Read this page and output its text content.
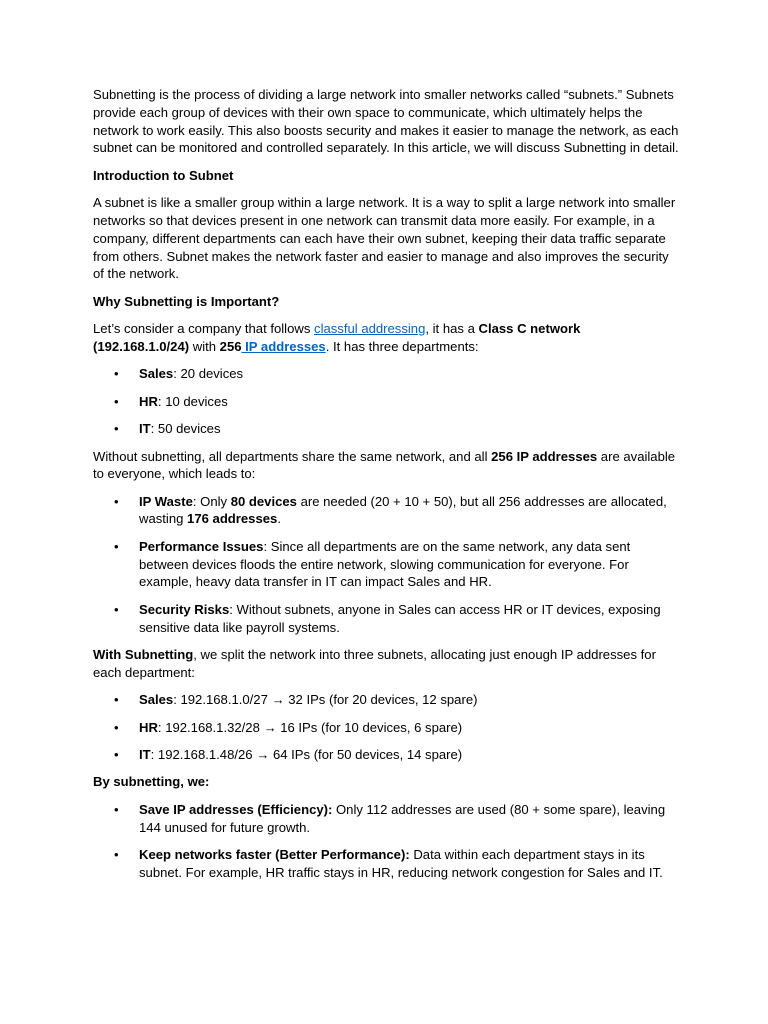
Subnetting is the process of dividing a large network into smaller networks called “subnets.” Subnets provide each group of devices with their own space to communicate, which ultimately helps the network to work easily. This also boosts security and makes it easier to manage the network, as each subnet can be monitored and controlled separately. In this article, we will discuss Subnetting in detail.

Introduction to Subnet

A subnet is like a smaller group within a large network. It is a way to split a large network into smaller networks so that devices present in one network can transmit data more easily. For example, in a company, different departments can each have their own subnet, keeping their data traffic separate from others. Subnet makes the network faster and easier to manage and also improves the security of the network.

Why Subnetting is Important?

Let’s consider a company that follows classful addressing, it has a Class C network (192.168.1.0/24) with 256 IP addresses. It has three departments:

• Sales: 20 devices
• HR: 10 devices
• IT: 50 devices

Without subnetting, all departments share the same network, and all 256 IP addresses are available to everyone, which leads to:

• IP Waste: Only 80 devices are needed (20 + 10 + 50), but all 256 addresses are allocated, wasting 176 addresses.
• Performance Issues: Since all departments are on the same network, any data sent between devices floods the entire network, slowing communication for everyone. For example, heavy data transfer in IT can impact Sales and HR.
• Security Risks: Without subnets, anyone in Sales can access HR or IT devices, exposing sensitive data like payroll systems.

With Subnetting, we split the network into three subnets, allocating just enough IP addresses for each department:

• Sales: 192.168.1.0/27 → 32 IPs (for 20 devices, 12 spare)
• HR: 192.168.1.32/28 → 16 IPs (for 10 devices, 6 spare)
• IT: 192.168.1.48/26 → 64 IPs (for 50 devices, 14 spare)

By subnetting, we:

• Save IP addresses (Efficiency): Only 112 addresses are used (80 + some spare), leaving 144 unused for future growth.
• Keep networks faster (Better Performance): Data within each department stays in its subnet. For example, HR traffic stays in HR, reducing network congestion for Sales and IT.
